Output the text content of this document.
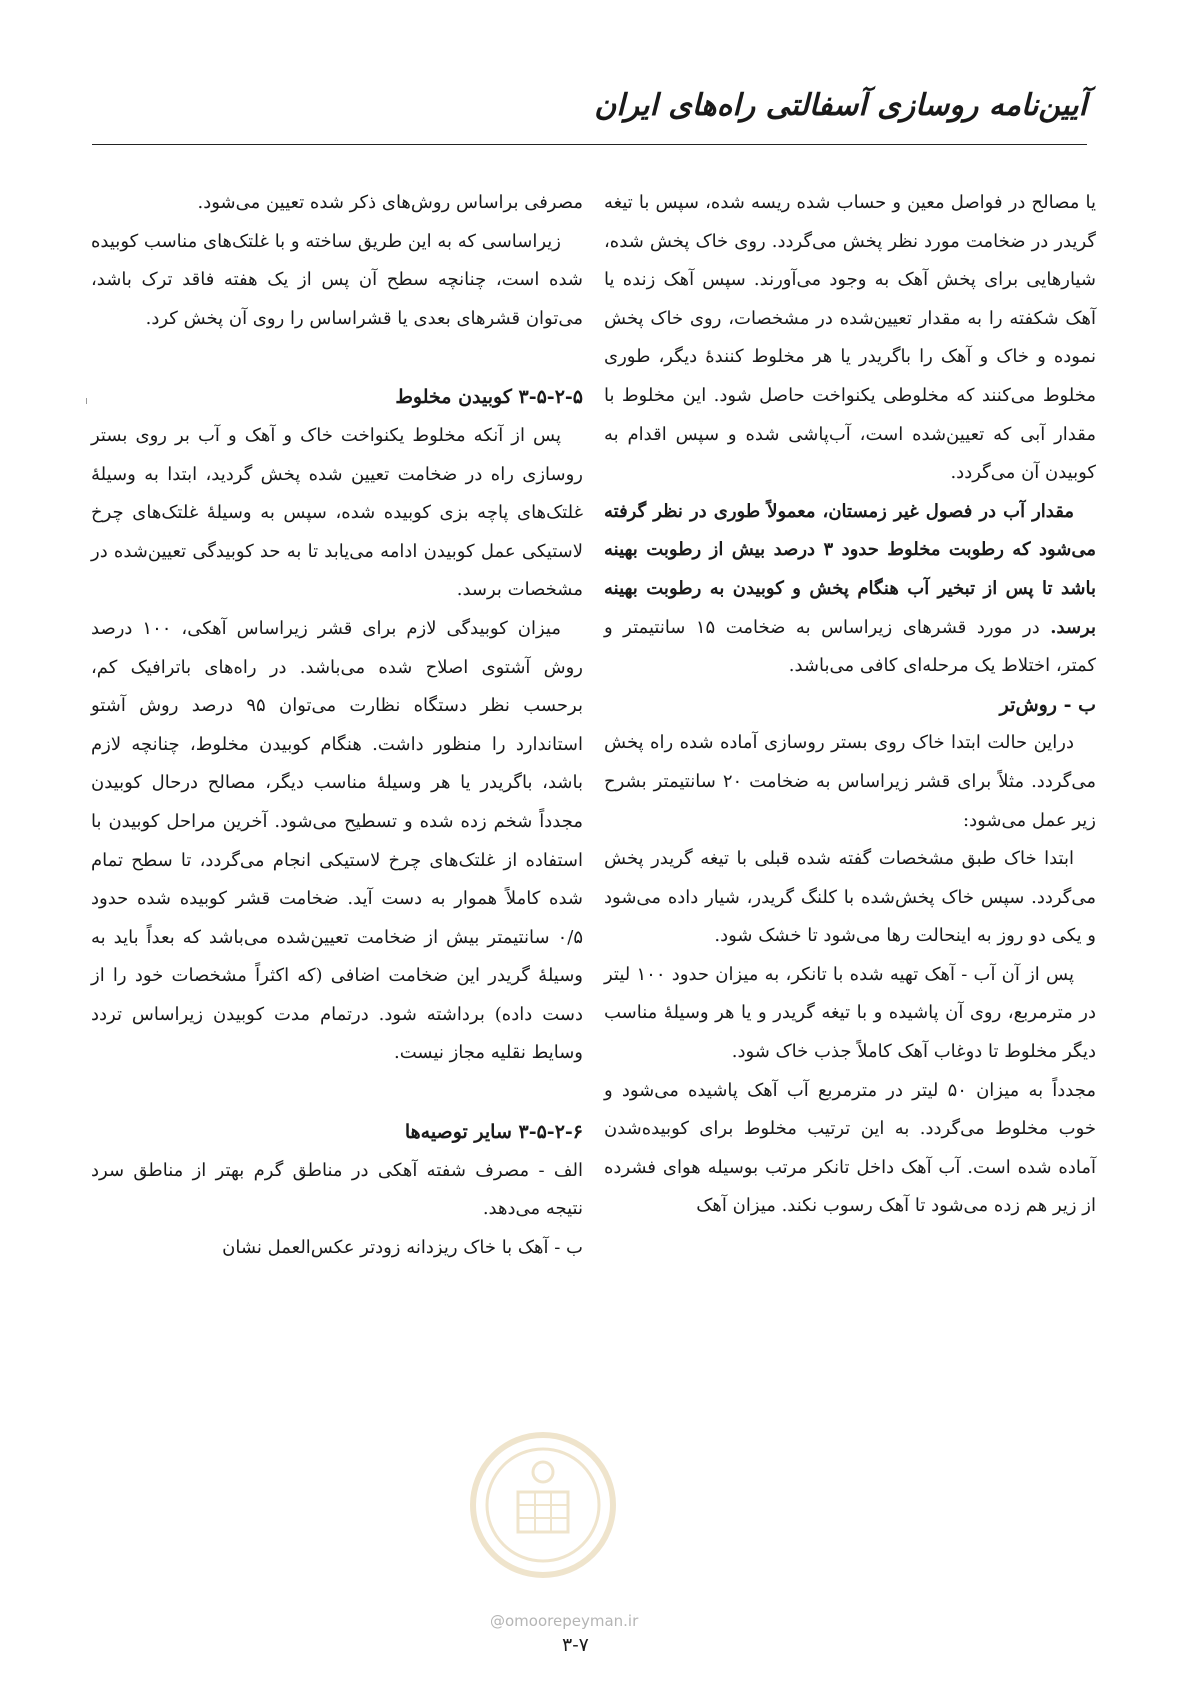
آیین‌نامه روسازی آسفالتی راه‌های ایران

یا مصالح در فواصل معین و حساب شده ریسه شده، سپس با تیغه گریدر در ضخامت مورد نظر پخش می‌گردد. روی خاک پخش شده، شیارهایی برای پخش آهک به وجود می‌آورند. سپس آهک زنده یا آهک شکفته را به مقدار تعیین‌شده در مشخصات، روی خاک پخش نموده و خاک و آهک را باگریدر یا هر مخلوط کنندهٔ دیگر، طوری مخلوط می‌کنند که مخلوطی یکنواخت حاصل شود. این مخلوط با مقدار آبی که تعیین‌شده است، آب‌پاشی شده و سپس اقدام به کوبیدن آن می‌گردد.

مقدار آب در فصول غیر زمستان، معمولاً طوری در نظر گرفته می‌شود که رطوبت مخلوط حدود ۳ درصد بیش از رطوبت بهینه باشد تا پس از تبخیر آب هنگام پخش و کوبیدن به رطوبت بهینه برسد. در مورد قشرهای زیراساس به ضخامت ۱۵ سانتیمتر و کمتر، اختلاط یک مرحله‌ای کافی می‌باشد.

ب - روش‌تر

دراین حالت ابتدا خاک روی بستر روسازی آماده شده راه پخش می‌گردد. مثلاً برای قشر زیراساس به ضخامت ۲۰ سانتیمتر بشرح زیر عمل می‌شود:

ابتدا خاک طبق مشخصات گفته شده قبلی با تیغه گریدر پخش می‌گردد. سپس خاک پخش‌شده با کلنگ گریدر، شیار داده می‌شود و یکی دو روز به اینحالت رها می‌شود تا خشک شود.

پس از آن آب - آهک تهیه شده با تانکر، به میزان حدود ۱۰۰ لیتر در مترمربع، روی آن پاشیده و با تیغه گریدر و یا هر وسیلهٔ مناسب دیگر مخلوط تا دوغاب آهک کاملاً جذب خاک شود.

مجدداً به میزان ۵۰ لیتر در مترمربع آب آهک پاشیده می‌شود و خوب مخلوط می‌گردد. به این ترتیب مخلوط برای کوبیده‌شدن آماده شده است. آب آهک داخل تانکر مرتب بوسیله هوای فشرده از زیر هم زده می‌شود تا آهک رسوب نکند. میزان آهک

مصرفی براساس روش‌های ذکر شده تعیین می‌شود.

زیراساسی که به این طریق ساخته و با غلتک‌های مناسب کوبیده شده است، چنانچه سطح آن پس از یک هفته فاقد ترک باشد، می‌توان قشرهای بعدی یا قشراساس را روی آن پخش کرد.

۳-۵-۲-۵ کوبیدن مخلوط

پس از آنکه مخلوط یکنواخت خاک و آهک و آب بر روی بستر روسازی راه در ضخامت تعیین شده پخش گردید، ابتدا به وسیلهٔ غلتک‌های پاچه بزی کوبیده شده، سپس به وسیلهٔ غلتک‌های چرخ لاستیکی عمل کوبیدن ادامه می‌یابد تا به حد کوبیدگی تعیین‌شده در مشخصات برسد.

میزان کوبیدگی لازم برای قشر زیراساس آهکی، ۱۰۰ درصد روش آشتوی اصلاح شده می‌باشد. در راه‌های باترافیک کم، برحسب نظر دستگاه نظارت می‌توان ۹۵ درصد روش آشتو استاندارد را منظور داشت. هنگام کوبیدن مخلوط، چنانچه لازم باشد، باگریدر یا هر وسیلهٔ مناسب دیگر، مصالح درحال کوبیدن مجدداً شخم زده شده و تسطیح می‌شود. آخرین مراحل کوبیدن با استفاده از غلتک‌های چرخ لاستیکی انجام می‌گردد، تا سطح تمام شده کاملاً هموار به دست آید. ضخامت قشر کوبیده شده حدود ۰/۵ سانتیمتر بیش از ضخامت تعیین‌شده می‌باشد که بعداً باید به وسیلهٔ گریدر این ضخامت اضافی (که اکثراً مشخصات خود را از دست داده) برداشته شود. درتمام مدت کوبیدن زیراساس تردد وسایط نقلیه مجاز نیست.

۳-۵-۲-۶ سایر توصیه‌ها

الف - مصرف شفته آهکی در مناطق گرم بهتر از مناطق سرد نتیجه می‌دهد.

ب - آهک با خاک ریزدانه زودتر عکس‌العمل نشان

@omoorepeyman.ir
۳-۷
